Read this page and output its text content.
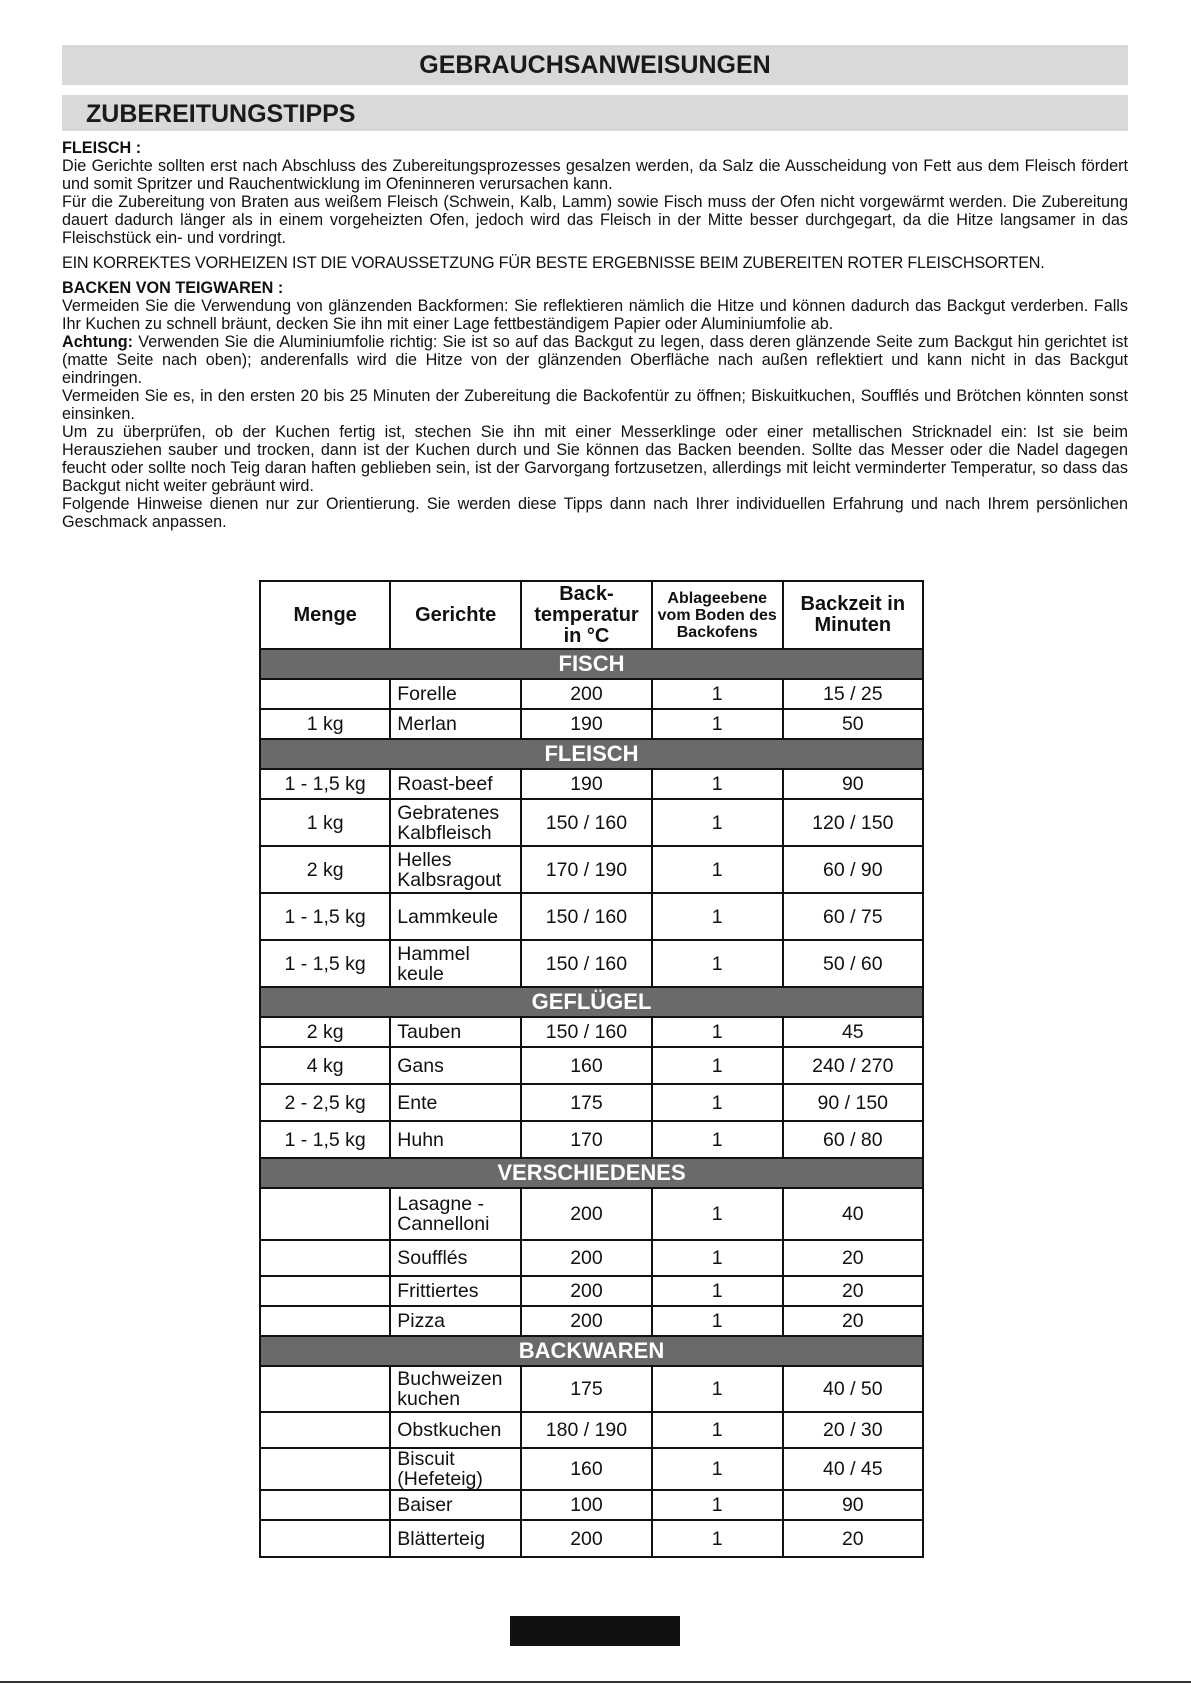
GEBRAUCHSANWEISUNGEN
ZUBEREITUNGSTIPPS

FLEISCH :

Die Gerichte sollten erst nach Abschluss des Zubereitungsprozesses gesalzen werden, da Salz die Ausscheidung von Fett aus dem Fleisch fördert und somit Spritzer und Rauchentwicklung im Ofeninneren verursachen kann.

Für die Zubereitung von Braten aus weißem Fleisch (Schwein, Kalb, Lamm) sowie Fisch muss der Ofen nicht vorgewärmt werden. Die Zubereitung dauert dadurch länger als in einem vorgeheizten Ofen, jedoch wird das Fleisch in der Mitte besser durchgegart, da die Hitze langsamer in das Fleischstück ein- und vordringt.

EIN KORREKTES VORHEIZEN IST DIE VORAUSSETZUNG FÜR BESTE ERGEBNISSE BEIM ZUBEREITEN ROTER FLEISCHSORTEN.

BACKEN VON TEIGWAREN :

Vermeiden Sie die Verwendung von glänzenden Backformen: Sie reflektieren nämlich die Hitze und können dadurch das Backgut verderben. Falls Ihr Kuchen zu schnell bräunt, decken Sie ihn mit einer Lage fettbeständigem Papier oder Aluminiumfolie ab.

Achtung: Verwenden Sie die Aluminiumfolie richtig: Sie ist so auf das Backgut zu legen, dass deren glänzende Seite zum Backgut hin gerichtet ist (matte Seite nach oben); anderenfalls wird die Hitze von der glänzenden Oberfläche nach außen reflektiert und kann nicht in das Backgut eindringen.

Vermeiden Sie es, in den ersten 20 bis 25 Minuten der Zubereitung die Backofentür zu öffnen; Biskuitkuchen, Soufflés und Brötchen könnten sonst einsinken.

Um zu überprüfen, ob der Kuchen fertig ist, stechen Sie ihn mit einer Messerklinge oder einer metallischen Stricknadel ein: Ist sie beim Herausziehen sauber und trocken, dann ist der Kuchen durch und Sie können das Backen beenden. Sollte das Messer oder die Nadel dagegen feucht oder sollte noch Teig daran haften geblieben sein, ist der Garvorgang fortzusetzen, allerdings mit leicht verminderter Temperatur, so dass das Backgut nicht weiter gebräunt wird.

Folgende Hinweise dienen nur zur Orientierung. Sie werden diese Tipps dann nach Ihrer individuellen Erfahrung und nach Ihrem persönlichen Geschmack anpassen.

Menge	Gerichte	Back- temperatur in °C	Ablageebene vom Boden des Backofens	Backzeit in Minuten
FISCH				
	Forelle	200	1	15 / 25
1 kg	Merlan	190	1	50
FLEISCH				
1 - 1,5 kg	Roast-beef	190	1	90
1 kg	Gebratenes Kalbfleisch	150 / 160	1	120 / 150
2 kg	Helles Kalbsragout	170 / 190	1	60 / 90
1 - 1,5 kg	Lammkeule	150 / 160	1	60 / 75
1 - 1,5 kg	Hammel keule	150 / 160	1	50 / 60
GEFLÜGEL				
2 kg	Tauben	150 / 160	1	45
4 kg	Gans	160	1	240 / 270
2 - 2,5 kg	Ente	175	1	90 / 150
1 - 1,5 kg	Huhn	170	1	60 / 80
VERSCHIEDENES				
	Lasagne - Cannelloni	200	1	40
	Soufflés	200	1	20
	Frittiertes	200	1	20
	Pizza	200	1	20
BACKWAREN				
	Buchweizen kuchen	175	1	40 / 50
	Obstkuchen	180 / 190	1	20 / 30
	Biscuit (Hefeteig)	160	1	40 / 45
	Baiser	100	1	90
	Blätterteig	200	1	20
